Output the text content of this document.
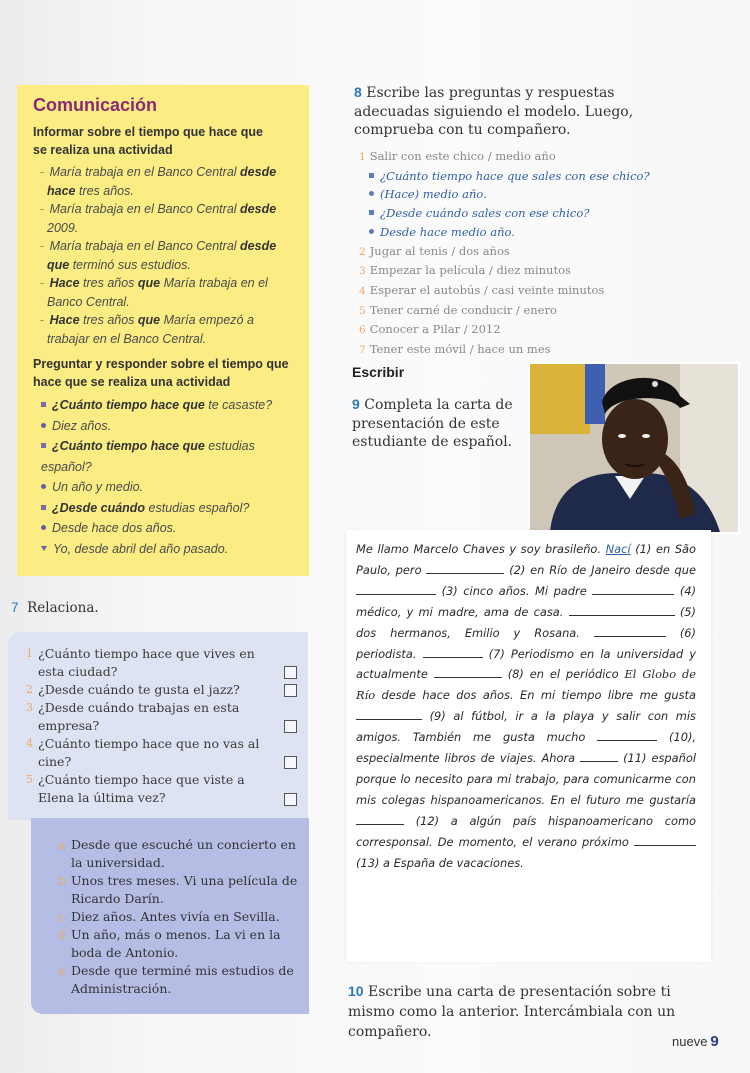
Comunicación

Informar sobre el tiempo que hace que se realiza una actividad

- María trabaja en el Banco Central desde hace tres años.

- María trabaja en el Banco Central desde 2009.

- María trabaja en el Banco Central desde que terminó sus estudios.

- Hace tres años que María trabaja en el Banco Central.

- Hace tres años que María empezó a trabajar en el Banco Central.

Preguntar y responder sobre el tiempo que hace que se realiza una actividad

¿Cuánto tiempo hace que te casaste?

Diez años.

¿Cuánto tiempo hace que estudias español?

Un año y medio.

¿Desde cuándo estudias español?

Desde hace dos años.

Yo, desde abril del año pasado.

7 Relaciona.

1 ¿Cuánto tiempo hace que vives en esta ciudad?

2 ¿Desde cuándo te gusta el jazz?

3 ¿Desde cuándo trabajas en esta empresa?

4 ¿Cuánto tiempo hace que no vas al cine?

5 ¿Cuánto tiempo hace que viste a Elena la última vez?

a Desde que escuché un concierto en la universidad.

b Unos tres meses. Vi una película de Ricardo Darín.

c Diez años. Antes vivía en Sevilla.

d Un año, más o menos. La vi en la boda de Antonio.

e Desde que terminé mis estudios de Administración.

8 Escribe las preguntas y respuestas adecuadas siguiendo el modelo. Luego, comprueba con tu compañero.

1 Salir con este chico / medio año

¿Cuánto tiempo hace que sales con ese chico?

(Hace) medio año.

¿Desde cuándo sales con ese chico?

Desde hace medio año.

2 Jugar al tenis / dos años

3 Empezar la película / diez minutos

4 Esperar el autobús / casi veinte minutos

5 Tener carné de conducir / enero

6 Conocer a Pilar / 2012

7 Tener este móvil / hace un mes

Escribir

9 Completa la carta de presentación de este estudiante de español.

Me llamo Marcelo Chaves y soy brasileño. Nací (1) en São Paulo, pero	(2) en Río de Janeiro desde que  (3) cinco años. Mi padre	(4) médico, y mi madre, ama de casa.	(5) dos hermanos, Emilio y Rosana.	(6) periodista.	(7) Periodismo en la universidad y actualmente	(8) en el periódico El Globo de Río desde hace dos años. En mi tiempo libre me gusta  (9) al fútbol, ir a la playa y salir con mis amigos. También me gusta mucho	(10), especialmente libros de viajes. Ahora	(11) español porque lo necesito para mi trabajo, para comunicarme con mis colegas hispanoamericanos. En el futuro me gustaría  (12) a algún país hispanoamericano como corresponsal. De momento, el verano próximo  (13) a España de vacaciones.

10 Escribe una carta de presentación sobre ti mismo como la anterior. Intercámbiala con un compañero.

nueve 9
